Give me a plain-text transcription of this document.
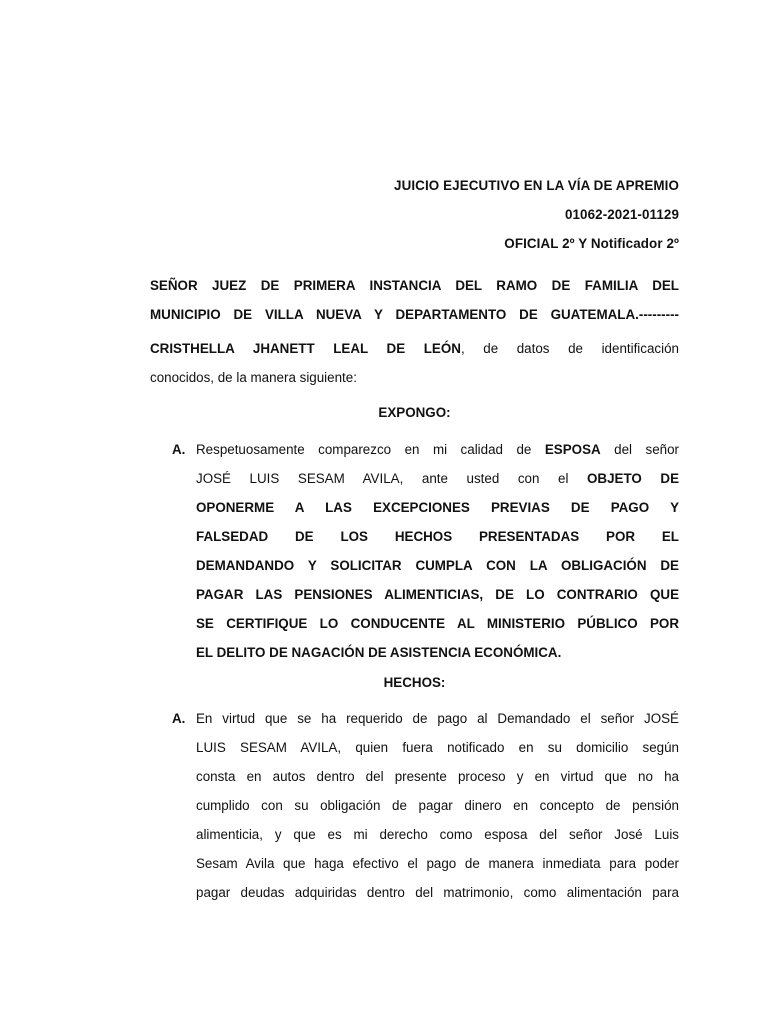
JUICIO EJECUTIVO EN LA VÍA DE APREMIO
01062-2021-01129
OFICIAL 2º Y Notificador 2º
SEÑOR JUEZ DE PRIMERA INSTANCIA DEL RAMO DE FAMILIA DEL
MUNICIPIO DE VILLA NUEVA Y DEPARTAMENTO DE GUATEMALA.---------
CRISTHELLA JHANETT LEAL DE LEÓN, de datos de identificación
conocidos, de la manera siguiente:
EXPONGO:
A. Respetuosamente comparezco en mi calidad de ESPOSA del señor
JOSÉ LUIS SESAM AVILA, ante usted con el OBJETO DE
OPONERME A LAS EXCEPCIONES PREVIAS DE PAGO Y
FALSEDAD DE LOS HECHOS PRESENTADAS POR EL
DEMANDANDO Y SOLICITAR CUMPLA CON LA OBLIGACIÓN DE
PAGAR LAS PENSIONES ALIMENTICIAS, DE LO CONTRARIO QUE
SE CERTIFIQUE LO CONDUCENTE AL MINISTERIO PÚBLICO POR
EL DELITO DE NAGACIÓN DE ASISTENCIA ECONÓMICA.
HECHOS:
A. En virtud que se ha requerido de pago al Demandado el señor JOSÉ
LUIS SESAM AVILA, quien fuera notificado en su domicilio según
consta en autos dentro del presente proceso y en virtud que no ha
cumplido con su obligación de pagar dinero en concepto de pensión
alimenticia, y que es mi derecho como esposa del señor José Luis
Sesam Avila que haga efectivo el pago de manera inmediata para poder
pagar deudas adquiridas dentro del matrimonio, como alimentación para
